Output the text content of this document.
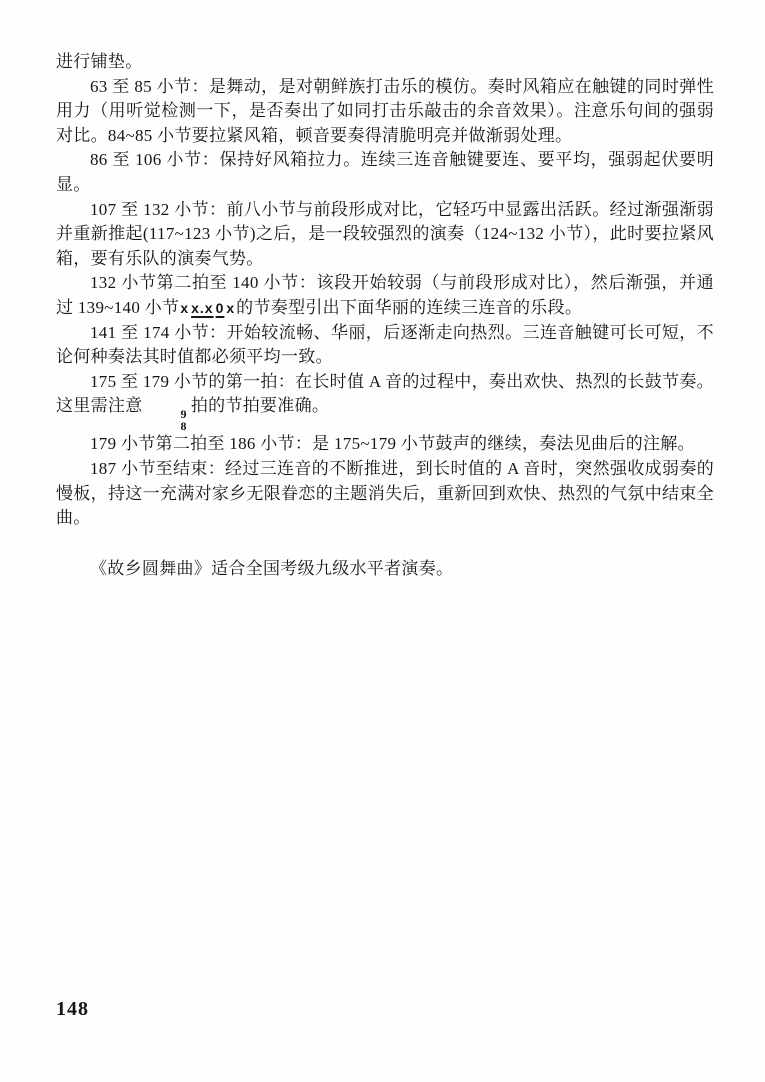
进行铺垫。

63 至 85 小节：是舞动，是对朝鲜族打击乐的模仿。奏时风箱应在触键的同时弹性用力（用听觉检测一下，是否奏出了如同打击乐敲击的余音效果）。注意乐句间的强弱对比。84~85 小节要拉紧风箱，顿音要奏得清脆明亮并做渐弱处理。

86 至 106 小节：保持好风箱拉力。连续三连音触键要连、要平均，强弱起伏要明显。

107 至 132 小节：前八小节与前段形成对比，它轻巧中显露出活跃。经过渐强渐弱并重新推起(117~123 小节)之后，是一段较强烈的演奏（124~132 小节），此时要拉紧风箱，要有乐队的演奏气势。

132 小节第二拍至 140 小节：该段开始较弱（与前段形成对比），然后渐强，并通过 139~140 小节x x.x 0 x的节奏型引出下面华丽的连续三连音的乐段。

141 至 174 小节：开始较流畅、华丽，后逐渐走向热烈。三连音触键可长可短，不论何种奏法其时值都必须平均一致。

175 至 179 小节的第一拍：在长时值 A 音的过程中，奏出欢快、热烈的长鼓节奏。这里需注意	9
8
拍的节拍要准确。

179 小节第二拍至 186 小节：是 175~179 小节鼓声的继续，奏法见曲后的注解。

187 小节至结束：经过三连音的不断推进，到长时值的 A 音时，突然强收成弱奏的慢板，持这一充满对家乡无限眷恋的主题消失后，重新回到欢快、热烈的气氛中结束全曲。

《故乡圆舞曲》适合全国考级九级水平者演奏。

148
